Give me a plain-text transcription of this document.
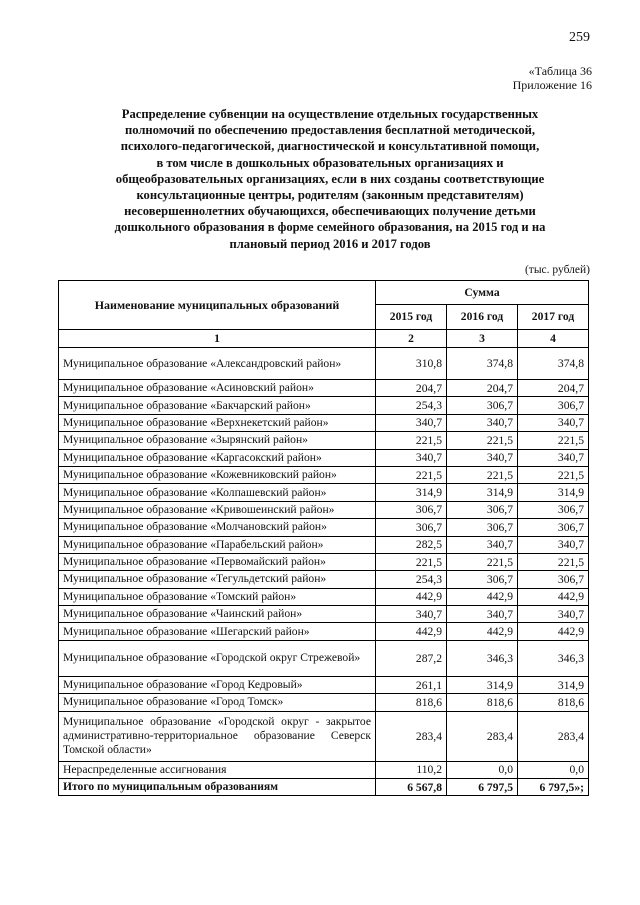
259
«Таблица 36
Приложение 16
Распределение субвенции на осуществление отдельных государственных
полномочий по обеспечению предоставления бесплатной методической,
психолого-педагогической, диагностической и консультативной помощи,
в том числе в дошкольных образовательных организациях и
общеобразовательных организациях, если в них созданы соответствующие
консультационные центры, родителям (законным представителям)
несовершеннолетних обучающихся, обеспечивающих получение детьми
дошкольного образования в форме семейного образования, на 2015 год и на
плановый период 2016 и 2017 годов
(тыс. рублей)
Наименование муниципальных образований	Сумма		
	2015 год	2016 год	2017 год
1	2	3	4
Муниципальное образование «Александровский район»	310,8	374,8	374,8
Муниципальное образование «Асиновский район»	204,7	204,7	204,7
Муниципальное образование «Бакчарский район»	254,3	306,7	306,7
Муниципальное образование «Верхнекетский район»	340,7	340,7	340,7
Муниципальное образование «Зырянский район»	221,5	221,5	221,5
Муниципальное образование «Каргасокский район»	340,7	340,7	340,7
Муниципальное образование «Кожевниковский район»	221,5	221,5	221,5
Муниципальное образование «Колпашевский район»	314,9	314,9	314,9
Муниципальное образование «Кривошеинский район»	306,7	306,7	306,7
Муниципальное образование «Молчановский район»	306,7	306,7	306,7
Муниципальное образование «Парабельский район»	282,5	340,7	340,7
Муниципальное образование «Первомайский район»	221,5	221,5	221,5
Муниципальное образование «Тегульдетский район»	254,3	306,7	306,7
Муниципальное образование «Томский район»	442,9	442,9	442,9
Муниципальное образование «Чаинский район»	340,7	340,7	340,7
Муниципальное образование «Шегарский район»	442,9	442,9	442,9
Муниципальное образование «Городской округ Стрежевой»	287,2	346,3	346,3
Муниципальное образование «Город Кедровый»	261,1	314,9	314,9
Муниципальное образование «Город Томск»	818,6	818,6	818,6
Муниципальное образование «Городской округ - закрытое административно-территориальное образование Северск Томской области»	283,4	283,4	283,4
Нераспределенные ассигнования	110,2	0,0	0,0
Итого по муниципальным образованиям	6 567,8	6 797,5	6 797,5»;
